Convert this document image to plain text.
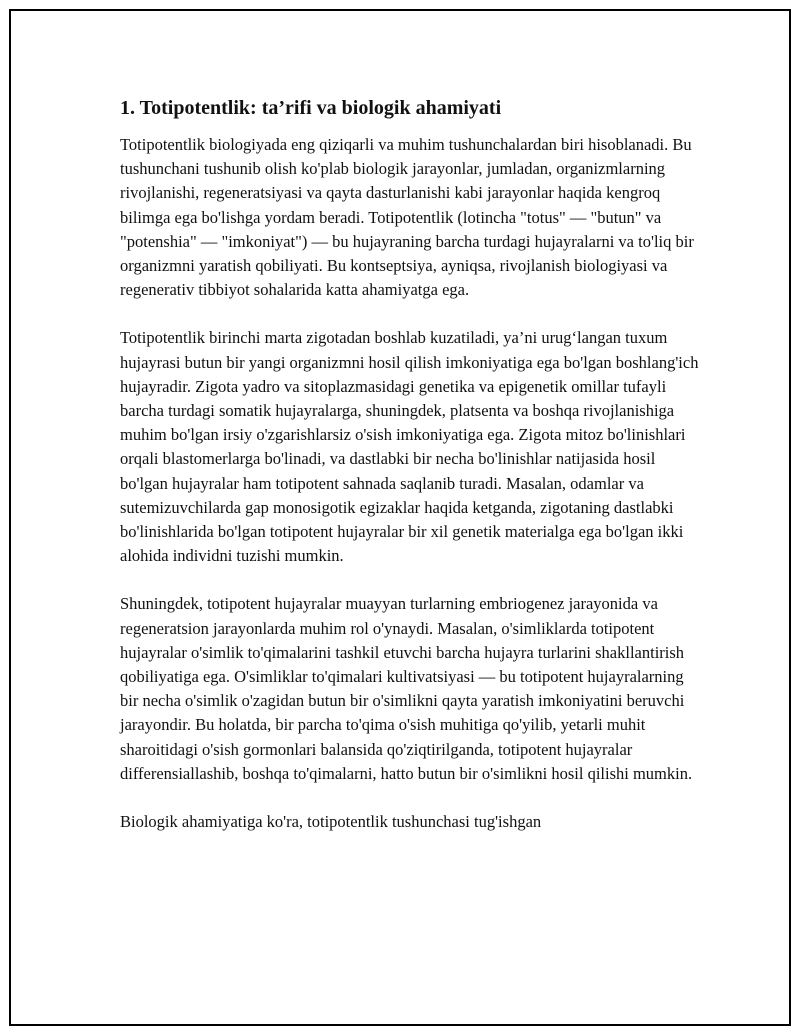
1. Totipotentlik: ta’rifi va biologik ahamiyati

Totipotentlik biologiyada eng qiziqarli va muhim tushunchalardan biri hisoblanadi. Bu tushunchani tushunib olish ko'plab biologik jarayonlar, jumladan, organizmlarning rivojlanishi, regeneratsiyasi va qayta dasturlanishi kabi jarayonlar haqida kengroq bilimga ega bo'lishga yordam beradi. Totipotentlik (lotincha "totus" — "butun" va "potenshia" — "imkoniyat") — bu hujayraning barcha turdagi hujayralarni va to'liq bir organizmni yaratish qobiliyati. Bu kontseptsiya, ayniqsa, rivojlanish biologiyasi va regenerativ tibbiyot sohalarida katta ahamiyatga ega.

Totipotentlik birinchi marta zigotadan boshlab kuzatiladi, ya’ni urug‘langan tuxum hujayrasi butun bir yangi organizmni hosil qilish imkoniyatiga ega bo'lgan boshlang'ich hujayradir. Zigota yadro va sitoplazmasidagi genetika va epigenetik omillar tufayli barcha turdagi somatik hujayralarga, shuningdek, platsenta va boshqa rivojlanishiga muhim bo'lgan irsiy o'zgarishlarsiz o'sish imkoniyatiga ega. Zigota mitoz bo'linishlari orqali blastomerlarga bo'linadi, va dastlabki bir necha bo'linishlar natijasida hosil bo'lgan hujayralar ham totipotent sahnada saqlanib turadi. Masalan, odamlar va sutemizuvchilarda gap monosigotik egizaklar haqida ketganda, zigotaning dastlabki bo'linishlarida bo'lgan totipotent hujayralar bir xil genetik materialga ega bo'lgan ikki alohida individni tuzishi mumkin.

Shuningdek, totipotent hujayralar muayyan turlarning embriogenez jarayonida va regeneratsion jarayonlarda muhim rol o'ynaydi. Masalan, o'simliklarda totipotent hujayralar o'simlik to'qimalarini tashkil etuvchi barcha hujayra turlarini shakllantirish qobiliyatiga ega. O'simliklar to'qimalari kultivatsiyasi — bu totipotent hujayralarning bir necha o'simlik o'zagidan butun bir o'simlikni qayta yaratish imkoniyatini beruvchi jarayondir. Bu holatda, bir parcha to'qima o'sish muhitiga qo'yilib, yetarli muhit sharoitidagi o'sish gormonlari balansida qo'ziqtirilganda, totipotent hujayralar differensiallashib, boshqa to'qimalarni, hatto butun bir o'simlikni hosil qilishi mumkin.

Biologik ahamiyatiga ko'ra, totipotentlik tushunchasi tug'ishgan
